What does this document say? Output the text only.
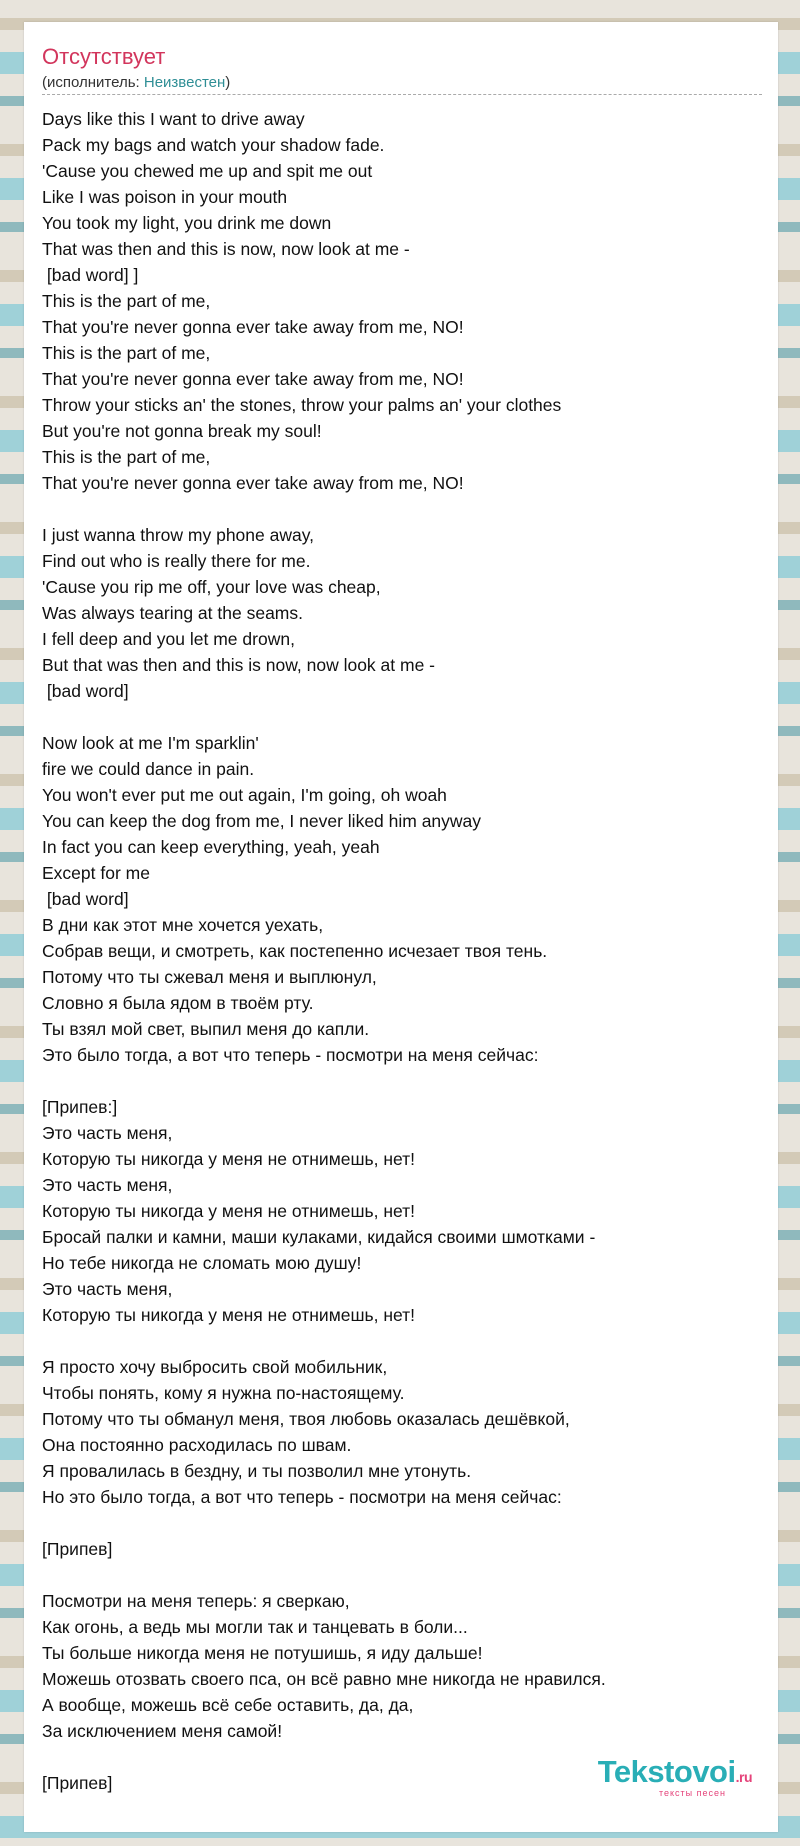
Отсутствует
(исполнитель: Неизвестен)
Days like this I want to drive away
Pack my bags and watch your shadow fade.
'Cause you chewed me up and spit me out
Like I was poison in your mouth
You took my light, you drink me down
That was then and this is now, now look at me -
[bad word] ]
This is the part of me,
That you're never gonna ever take away from me, NO!
This is the part of me,
That you're never gonna ever take away from me, NO!
Throw your sticks an' the stones, throw your palms an' your clothes
But you're not gonna break my soul!
This is the part of me,
That you're never gonna ever take away from me, NO!
I just wanna throw my phone away,
Find out who is really there for me.
'Cause you rip me off, your love was cheap,
Was always tearing at the seams.
I fell deep and you let me drown,
But that was then and this is now, now look at me -
[bad word]
Now look at me I'm sparklin'
fire we could dance in pain.
You won't ever put me out again, I'm going, oh woah
You can keep the dog from me, I never liked him anyway
In fact you can keep everything, yeah, yeah
Except for me
[bad word]
В дни как этот мне хочется уехать,
Собрав вещи, и смотреть, как постепенно исчезает твоя тень.
Потому что ты сжевал меня и выплюнул,
Словно я была ядом в твоём рту.
Ты взял мой свет, выпил меня до капли.
Это было тогда, а вот что теперь - посмотри на меня сейчас:
[Припев:]
Это часть меня,
Которую ты никогда у меня не отнимешь, нет!
Это часть меня,
Которую ты никогда у меня не отнимешь, нет!
Бросай палки и камни, маши кулаками, кидайся своими шмотками -
Но тебе никогда не сломать мою душу!
Это часть меня,
Которую ты никогда у меня не отнимешь, нет!
Я просто хочу выбросить свой мобильник,
Чтобы понять, кому я нужна по-настоящему.
Потому что ты обманул меня, твоя любовь оказалась дешёвкой,
Она постоянно расходилась по швам.
Я провалилась в бездну, и ты позволил мне утонуть.
Но это было тогда, а вот что теперь - посмотри на меня сейчас:
[Припев]
Посмотри на меня теперь: я сверкаю,
Как огонь, а ведь мы могли так и танцевать в боли...
Ты больше никогда меня не потушишь, я иду дальше!
Можешь отозвать своего пса, он всё равно мне никогда не нравился.
А вообще, можешь всё себе оставить, да, да,
За исключением меня самой!
[Припев]	Tekstovoi.ru
тексты песен
